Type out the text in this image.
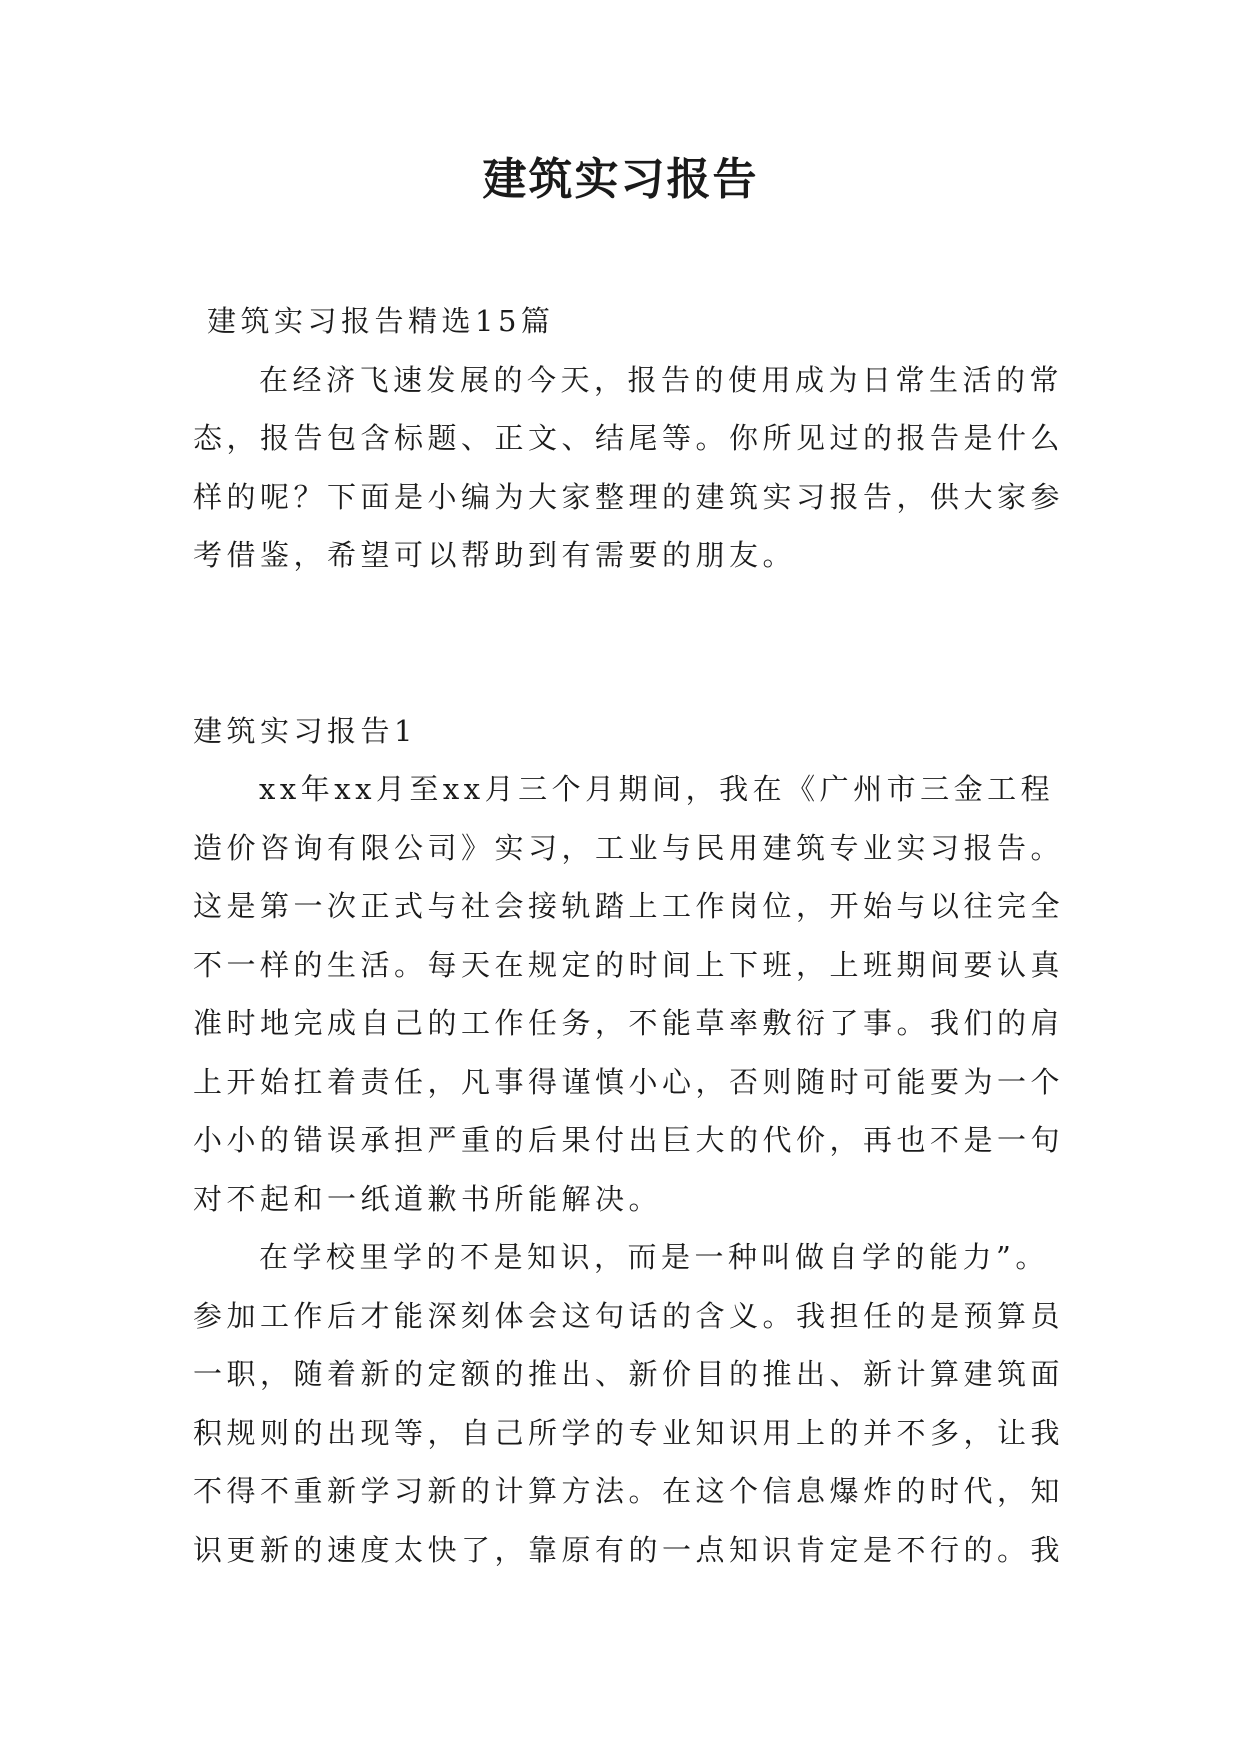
建筑实习报告
建筑实习报告精选15篇
在经济飞速发展的今天，报告的使用成为日常生活的常
态，报告包含标题、正文、结尾等。你所见过的报告是什么
样的呢？下面是小编为大家整理的建筑实习报告，供大家参
考借鉴，希望可以帮助到有需要的朋友。
建筑实习报告1
xx年xx月至xx月三个月期间，我在《广州市三金工程
造价咨询有限公司》实习，工业与民用建筑专业实习报告。
这是第一次正式与社会接轨踏上工作岗位，开始与以往完全
不一样的生活。每天在规定的时间上下班，上班期间要认真
准时地完成自己的工作任务，不能草率敷衍了事。我们的肩
上开始扛着责任，凡事得谨慎小心，否则随时可能要为一个
小小的错误承担严重的后果付出巨大的代价，再也不是一句
对不起和一纸道歉书所能解决。
在学校里学的不是知识，而是一种叫做自学的能力”。
参加工作后才能深刻体会这句话的含义。我担任的是预算员
一职，随着新的定额的推出、新价目的推出、新计算建筑面
积规则的出现等，自己所学的专业知识用上的并不多，让我
不得不重新学习新的计算方法。在这个信息爆炸的时代，知
识更新的速度太快了，靠原有的一点知识肯定是不行的。我
